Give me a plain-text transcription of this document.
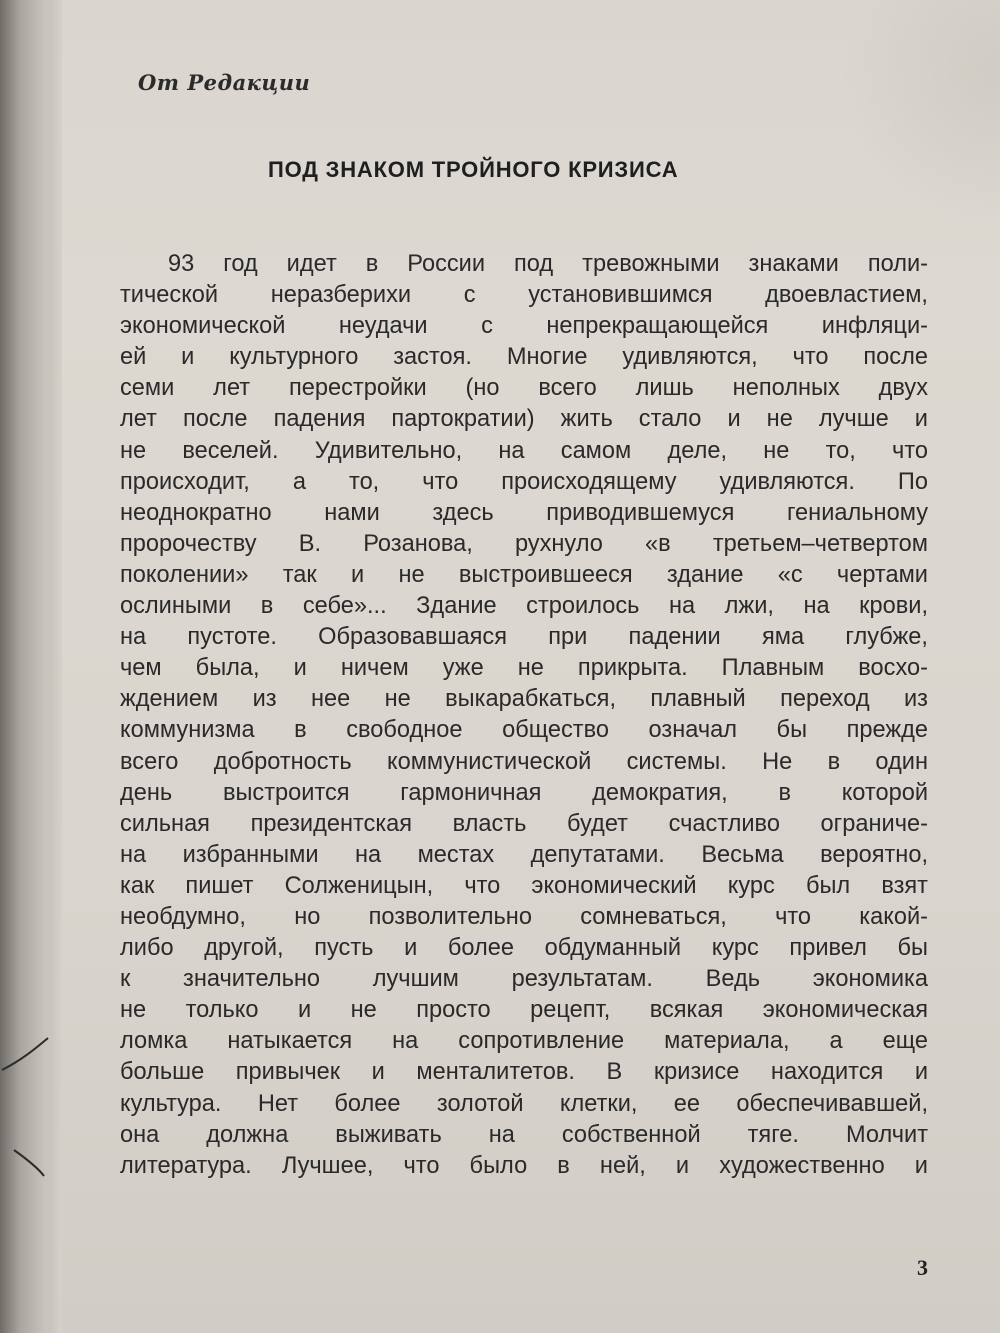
От Редакции
ПОД ЗНАКОМ ТРОЙНОГО КРИЗИСА
93 год идет в России под тревожными знаками поли-
тической неразберихи с установившимся двоевластием,
экономической неудачи с непрекращающейся инфляци-
ей и культурного застоя. Многие удивляются, что после
семи лет перестройки (но всего лишь неполных двух
лет после падения партократии) жить стало и не лучше и
не веселей. Удивительно, на самом деле, не то, что
происходит, а то, что происходящему удивляются. По
неоднократно нами здесь приводившемуся гениальному
пророчеству В. Розанова, рухнуло «в третьем–четвертом
поколении» так и не выстроившееся здание «с чертами
ослиными в себе»... Здание строилось на лжи, на крови,
на пустоте. Образовавшаяся при падении яма глубже,
чем была, и ничем уже не прикрыта. Плавным восхо-
ждением из нее не выкарабкаться, плавный переход из
коммунизма в свободное общество означал бы прежде
всего добротность коммунистической системы. Не в один
день выстроится гармоничная демократия, в которой
сильная президентская власть будет счастливо ограниче-
на избранными на местах депутатами. Весьма вероятно,
как пишет Солженицын, что экономический курс был взят
необдумно, но позволительно сомневаться, что какой-
либо другой, пусть и более обдуманный курс привел бы
к значительно лучшим результатам. Ведь экономика
не только и не просто рецепт, всякая экономическая
ломка натыкается на сопротивление материала, а еще
больше привычек и менталитетов. В кризисе находится и
культура. Нет более золотой клетки, ее обеспечивавшей,
она должна выживать на собственной тяге. Молчит
литература. Лучшее, что было в ней, и художественно и
3
